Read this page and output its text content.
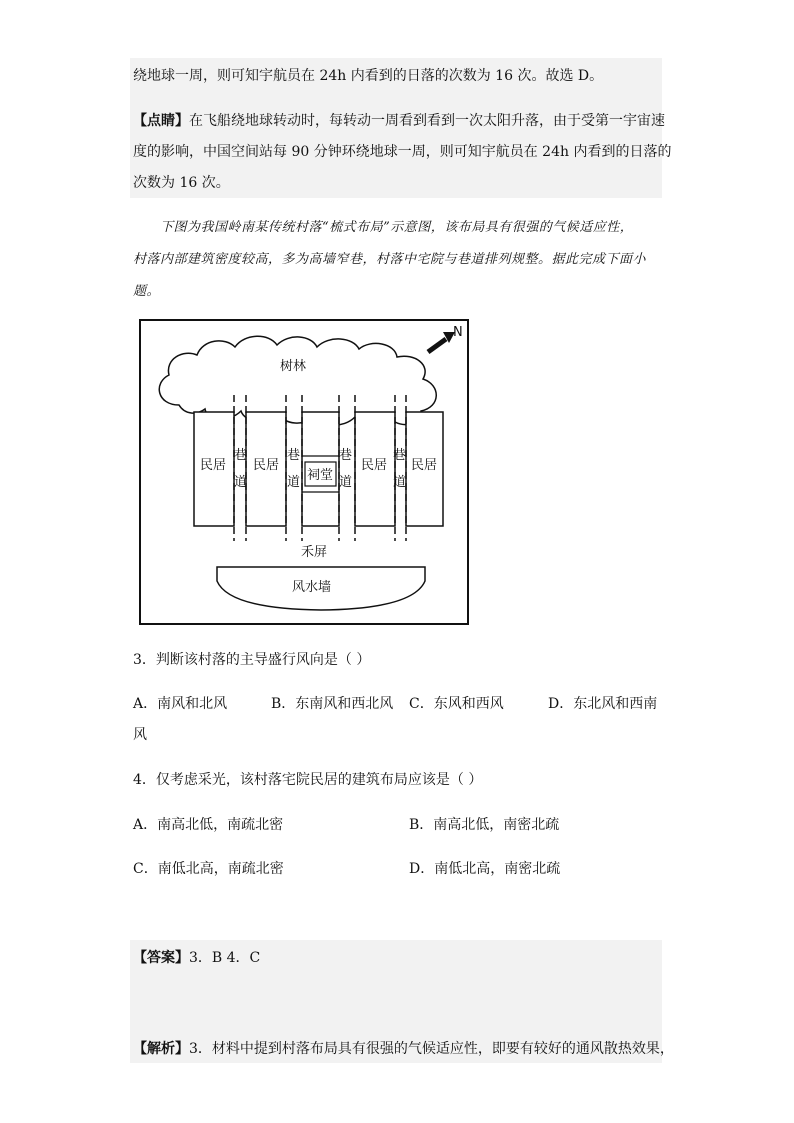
绕地球一周，则可知宇航员在 24h 内看到的日落的次数为 16 次。故选 D。
【点睛】在飞船绕地球转动时，每转动一周看到看到一次太阳升落，由于受第一宇宙速
度的影响，中国空间站每 90 分钟环绕地球一周，则可知宇航员在 24h 内看到的日落的
次数为 16 次。
下图为我国岭南某传统村落“梳式布局”示意图，该布局具有很强的气候适应性，
村落内部建筑密度较高，多为高墙窄巷，村落中宅院与巷道排列规整。据此完成下面小
题。
树林
N
民居 民居
祠堂
民居 民居
巷
道
巷
道
巷
道
巷
道
禾屏
风水墙
3．判断该村落的主导盛行风向是（ ）
A．南风和北风	B．东南风和西北风 C．东风和西风	D．东北风和西南
风
4．仅考虑采光，该村落宅院民居的建筑布局应该是（ ）
A．南高北低，南疏北密	B．南高北低，南密北疏
C．南低北高，南疏北密	D．南低北高，南密北疏
【答案】3．B 4．C
【解析】3．材料中提到村落布局具有很强的气候适应性，即要有较好的通风散热效果，
